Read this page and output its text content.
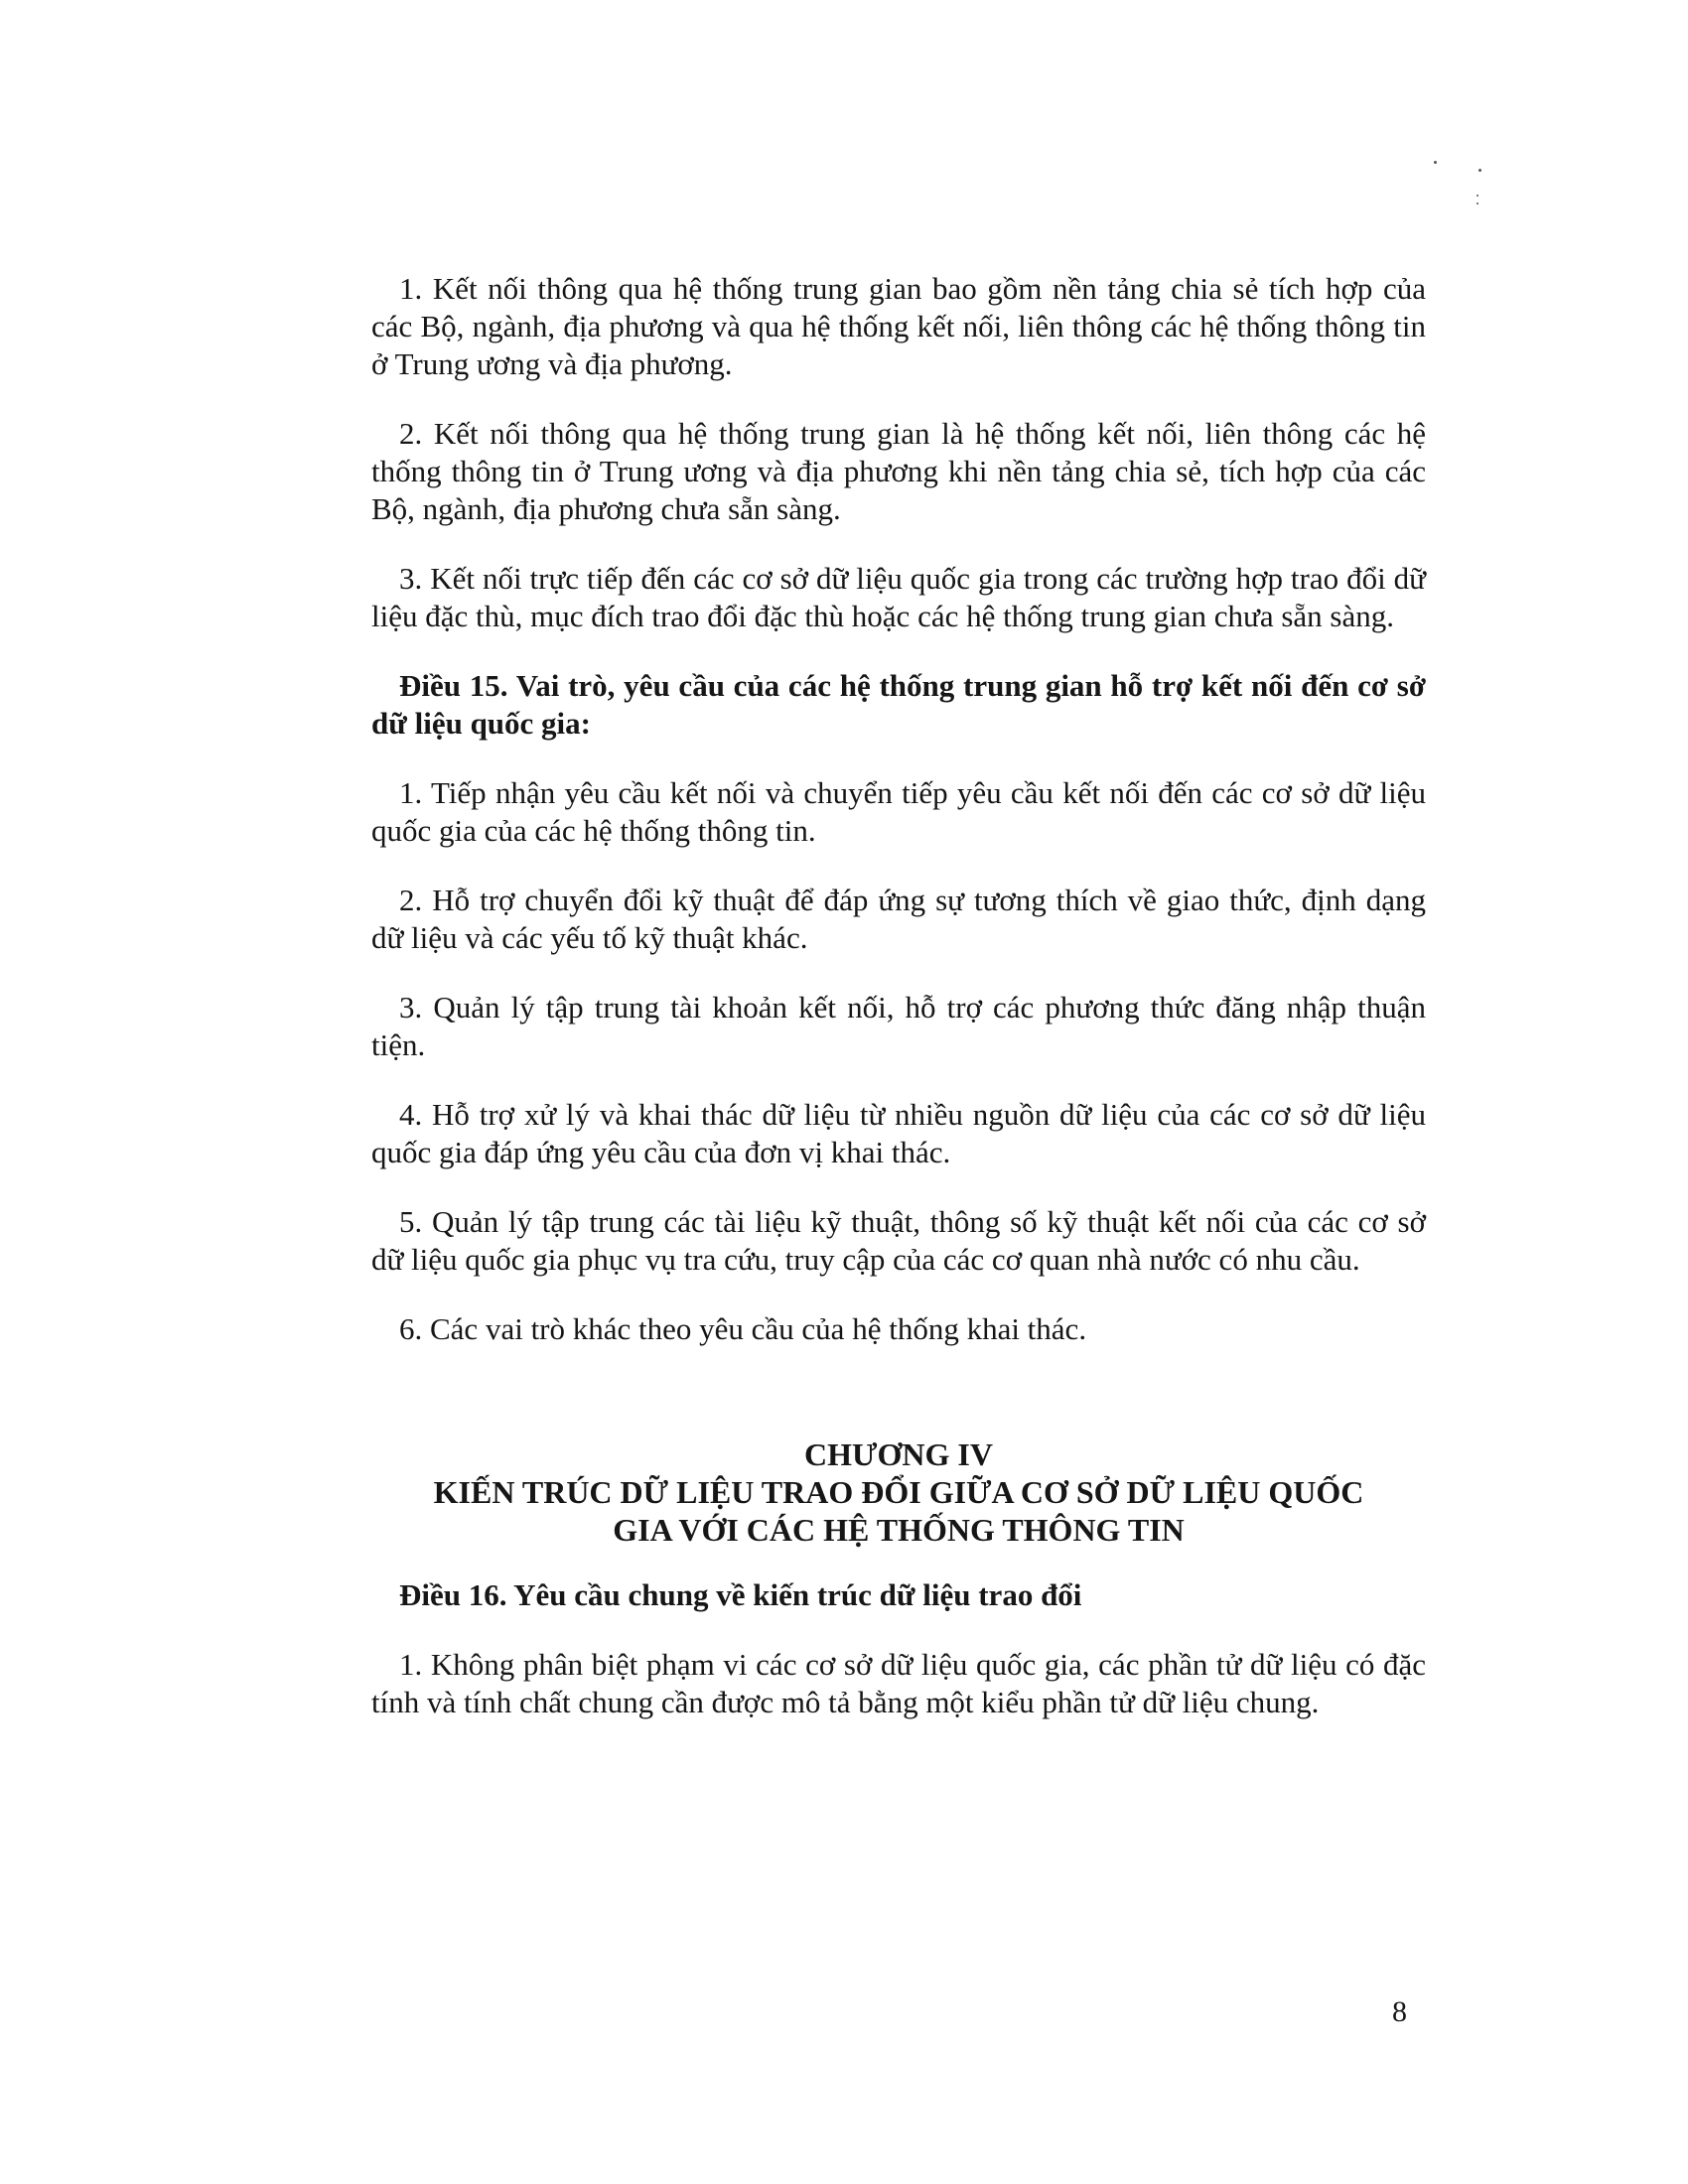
1. Kết nối thông qua hệ thống trung gian bao gồm nền tảng chia sẻ tích hợp của các Bộ, ngành, địa phương và qua hệ thống kết nối, liên thông các hệ thống thông tin ở Trung ương và địa phương.

2. Kết nối thông qua hệ thống trung gian là hệ thống kết nối, liên thông các hệ thống thông tin ở Trung ương và địa phương khi nền tảng chia sẻ, tích hợp của các Bộ, ngành, địa phương chưa sẵn sàng.

3. Kết nối trực tiếp đến các cơ sở dữ liệu quốc gia trong các trường hợp trao đổi dữ liệu đặc thù, mục đích trao đổi đặc thù hoặc các hệ thống trung gian chưa sẵn sàng.

Điều 15. Vai trò, yêu cầu của các hệ thống trung gian hỗ trợ kết nối đến cơ sở dữ liệu quốc gia:

1. Tiếp nhận yêu cầu kết nối và chuyển tiếp yêu cầu kết nối đến các cơ sở dữ liệu quốc gia của các hệ thống thông tin.

2. Hỗ trợ chuyển đổi kỹ thuật để đáp ứng sự tương thích về giao thức, định dạng dữ liệu và các yếu tố kỹ thuật khác.

3. Quản lý tập trung tài khoản kết nối, hỗ trợ các phương thức đăng nhập thuận tiện.

4. Hỗ trợ xử lý và khai thác dữ liệu từ nhiều nguồn dữ liệu của các cơ sở dữ liệu quốc gia đáp ứng yêu cầu của đơn vị khai thác.

5. Quản lý tập trung các tài liệu kỹ thuật, thông số kỹ thuật kết nối của các cơ sở dữ liệu quốc gia phục vụ tra cứu, truy cập của các cơ quan nhà nước có nhu cầu.

6. Các vai trò khác theo yêu cầu của hệ thống khai thác.

CHƯƠNG IV
KIẾN TRÚC DỮ LIỆU TRAO ĐỔI GIỮA CƠ SỞ DỮ LIỆU QUỐC
GIA VỚI CÁC HỆ THỐNG THÔNG TIN

Điều 16. Yêu cầu chung về kiến trúc dữ liệu trao đổi

1. Không phân biệt phạm vi các cơ sở dữ liệu quốc gia, các phần tử dữ liệu có đặc tính và tính chất chung cần được mô tả bằng một kiểu phần tử dữ liệu chung.

8
